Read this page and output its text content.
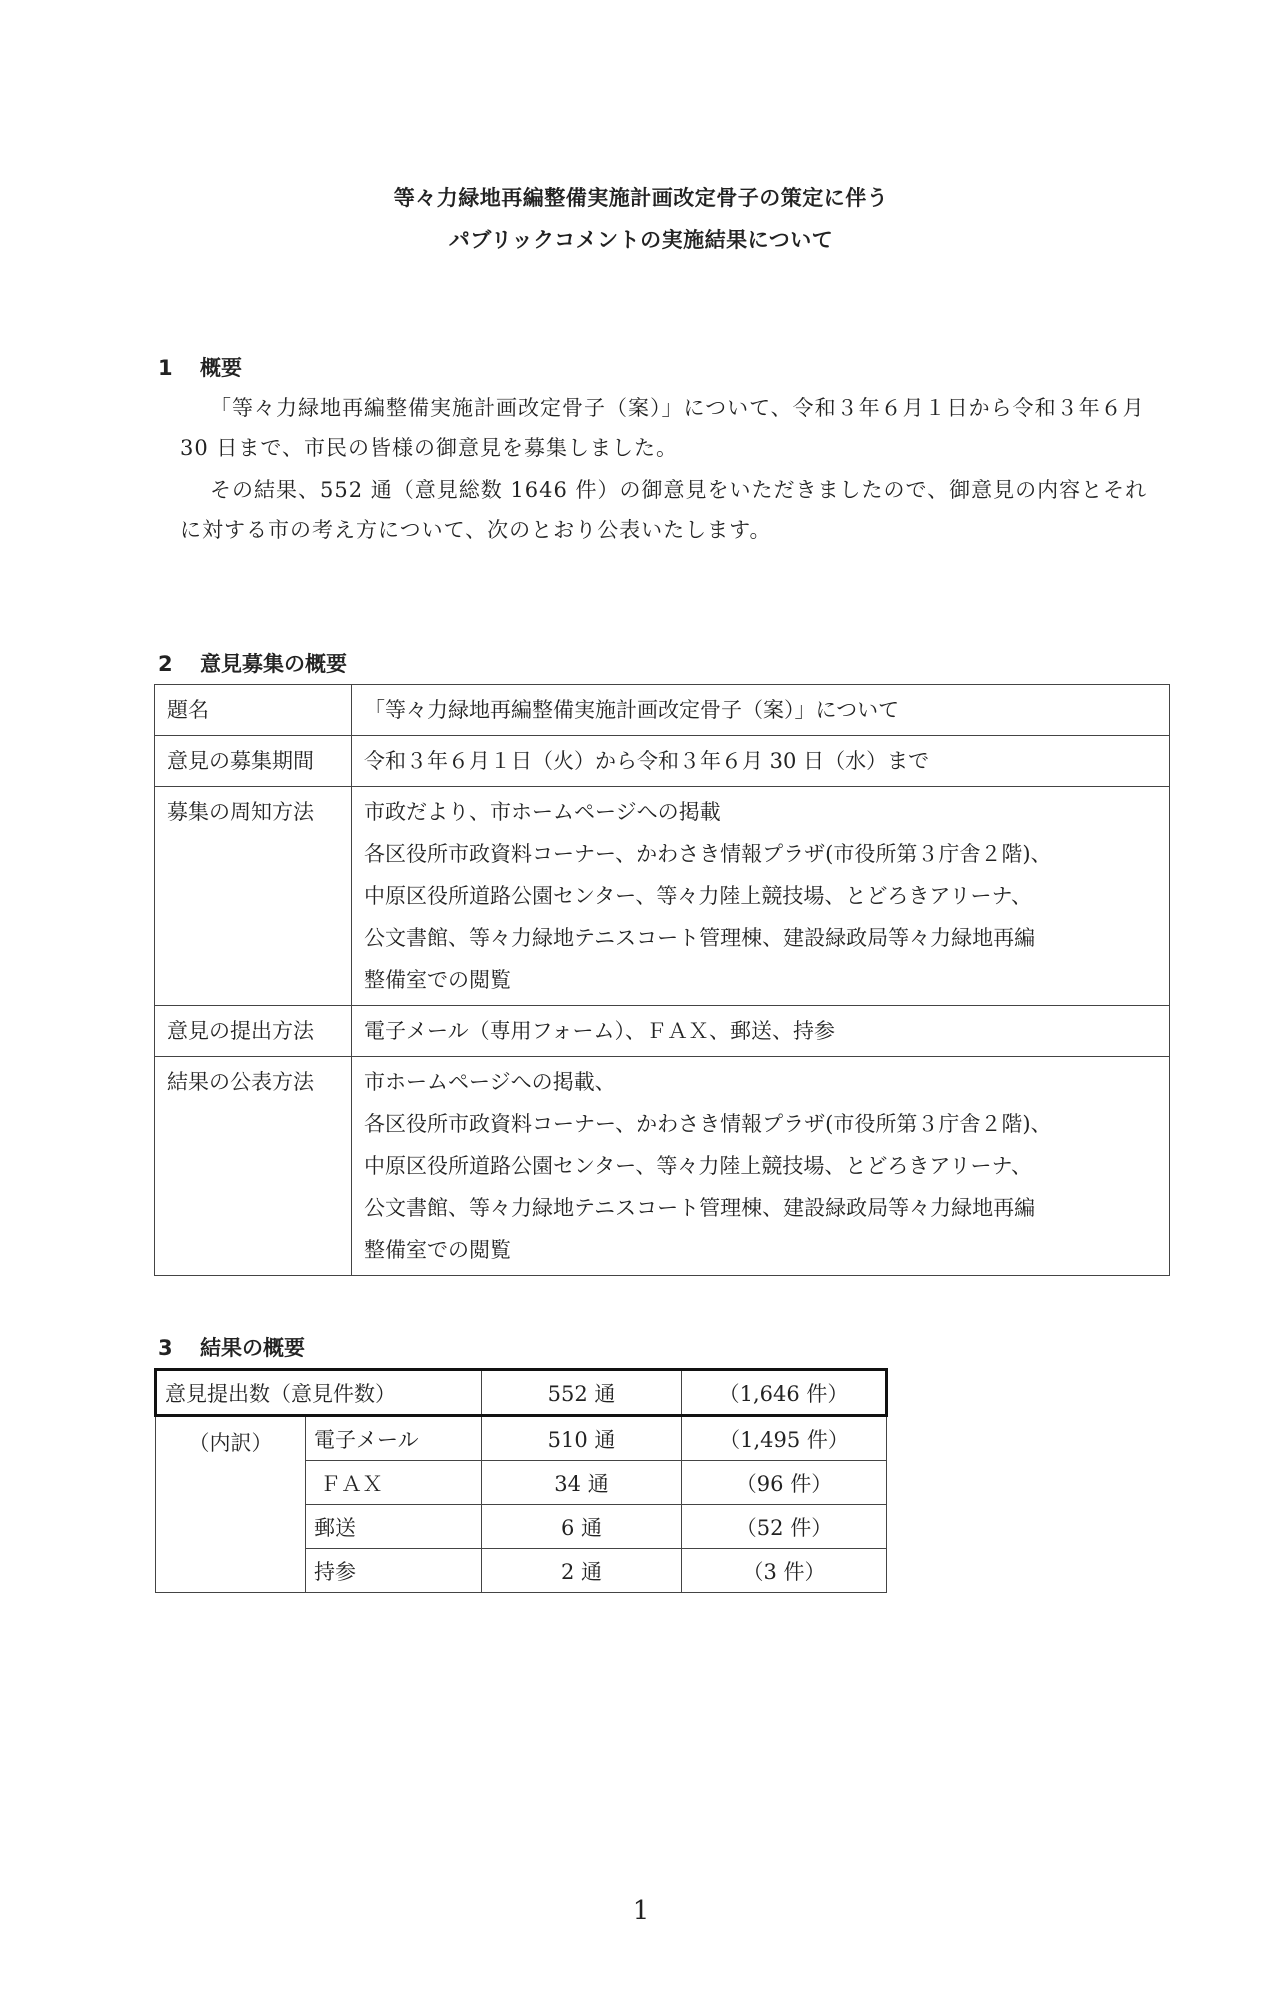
等々力緑地再編整備実施計画改定骨子の策定に伴う
パブリックコメントの実施結果について
1 概要
「等々力緑地再編整備実施計画改定骨子（案）」について、令和３年６月１日から令和３年６月 30 日まで、市民の皆様の御意見を募集しました。
その結果、552 通（意見総数 1646 件）の御意見をいただきましたので、御意見の内容とそれに対する市の考え方について、次のとおり公表いたします。
2 意見募集の概要
題名	「等々力緑地再編整備実施計画改定骨子（案）」について

意見の募集期間	令和３年６月１日（火）から令和３年６月 30 日（水）まで

募集の周知方法	市政だより、市ホームページへの掲載
各区役所市政資料コーナー、かわさき情報プラザ(市役所第３庁舎２階)、
中原区役所道路公園センター、等々力陸上競技場、とどろきアリーナ、
公文書館、等々力緑地テニスコート管理棟、建設緑政局等々力緑地再編
整備室での閲覧

意見の提出方法	電子メール（専用フォーム）、ＦＡＸ、郵送、持参

結果の公表方法	市ホームページへの掲載、
各区役所市政資料コーナー、かわさき情報プラザ(市役所第３庁舎２階)、
中原区役所道路公園センター、等々力陸上競技場、とどろきアリーナ、
公文書館、等々力緑地テニスコート管理棟、建設緑政局等々力緑地再編
整備室での閲覧
3 結果の概要
意見提出数（意見件数）		552 通	（1,646 件）
（内訳）	電子メール	510 通	（1,495 件）
	ＦＡＸ	34 通	（96 件）
	郵送	6 通	（52 件）
	持参	2 通	（3 件）
1
